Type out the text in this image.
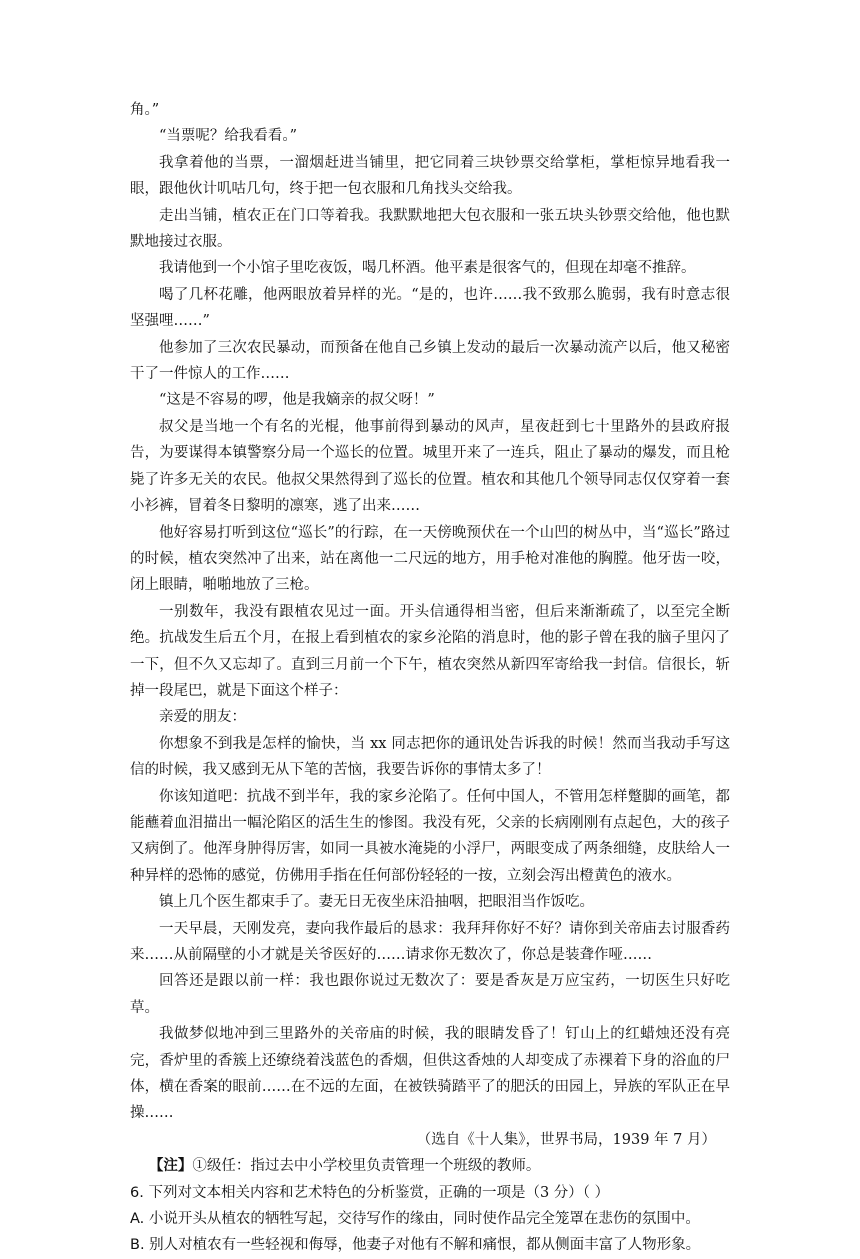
角。”

“当票呢？给我看看。”

我拿着他的当票，一溜烟赶进当铺里，把它同着三块钞票交给掌柜，掌柜惊异地看我一眼，跟他伙计叽咕几句，终于把一包衣服和几角找头交给我。

走出当铺，植农正在门口等着我。我默默地把大包衣服和一张五块头钞票交给他，他也默默地接过衣服。

我请他到一个小馆子里吃夜饭，喝几杯酒。他平素是很客气的，但现在却毫不推辞。

喝了几杯花雕，他两眼放着异样的光。“是的，也许……我不致那么脆弱，我有时意志很坚强哩……”

他参加了三次农民暴动，而预备在他自己乡镇上发动的最后一次暴动流产以后，他又秘密干了一件惊人的工作……

“这是不容易的啰，他是我嫡亲的叔父呀！”

叔父是当地一个有名的光棍，他事前得到暴动的风声，星夜赶到七十里路外的县政府报告，为要谋得本镇警察分局一个巡长的位置。城里开来了一连兵，阻止了暴动的爆发，而且枪毙了许多无关的农民。他叔父果然得到了巡长的位置。植农和其他几个领导同志仅仅穿着一套小衫裤，冒着冬日黎明的凛寒，逃了出来……

他好容易打听到这位“巡长”的行踪，在一天傍晚预伏在一个山凹的树丛中，当“巡长”路过的时候，植农突然冲了出来，站在离他一二尺远的地方，用手枪对准他的胸膛。他牙齿一咬，闭上眼睛，啪啪地放了三枪。

一别数年，我没有跟植农见过一面。开头信通得相当密，但后来渐渐疏了，以至完全断绝。抗战发生后五个月，在报上看到植农的家乡沦陷的消息时，他的影子曾在我的脑子里闪了一下，但不久又忘却了。直到三月前一个下午，植农突然从新四军寄给我一封信。信很长，斩掉一段尾巴，就是下面这个样子：

亲爱的朋友：

你想象不到我是怎样的愉快，当 xx 同志把你的通讯处告诉我的时候！然而当我动手写这信的时候，我又感到无从下笔的苦恼，我要告诉你的事情太多了！

你该知道吧：抗战不到半年，我的家乡沦陷了。任何中国人，不管用怎样蹩脚的画笔，都能蘸着血泪描出一幅沦陷区的活生生的惨图。我没有死，父亲的长病刚刚有点起色，大的孩子又病倒了。他浑身肿得厉害，如同一具被水淹毙的小浮尸，两眼变成了两条细缝，皮肤给人一种异样的恐怖的感觉，仿佛用手指在任何部份轻轻的一按，立刻会泻出橙黄色的液水。

镇上几个医生都束手了。妻无日无夜坐床沿抽咽，把眼泪当作饭吃。

一天早晨，天刚发亮，妻向我作最后的恳求：我拜拜你好不好？请你到关帝庙去讨服香药来……从前隔壁的小才就是关爷医好的……请求你无数次了，你总是装聋作哑……

回答还是跟以前一样：我也跟你说过无数次了：要是香灰是万应宝药，一切医生只好吃草。

我做梦似地冲到三里路外的关帝庙的时候，我的眼睛发昏了！钉山上的红蜡烛还没有亮完，香炉里的香簇上还缭绕着浅蓝色的香烟，但供这香烛的人却变成了赤裸着下身的浴血的尸体，横在香案的眼前……在不远的左面，在被铁骑踏平了的肥沃的田园上，异族的军队正在早操……

（选自《十人集》，世界书局，1939 年 7 月）

【注】①级任：指过去中小学校里负责管理一个班级的教师。

6. 下列对文本相关内容和艺术特色的分析鉴赏，正确的一项是（3 分）（ ）

A. 小说开头从植农的牺牲写起，交待写作的缘由，同时使作品完全笼罩在悲伤的氛围中。

B. 别人对植农有一些轻视和侮辱，他妻子对他有不解和痛恨，都从侧面丰富了人物形象。
